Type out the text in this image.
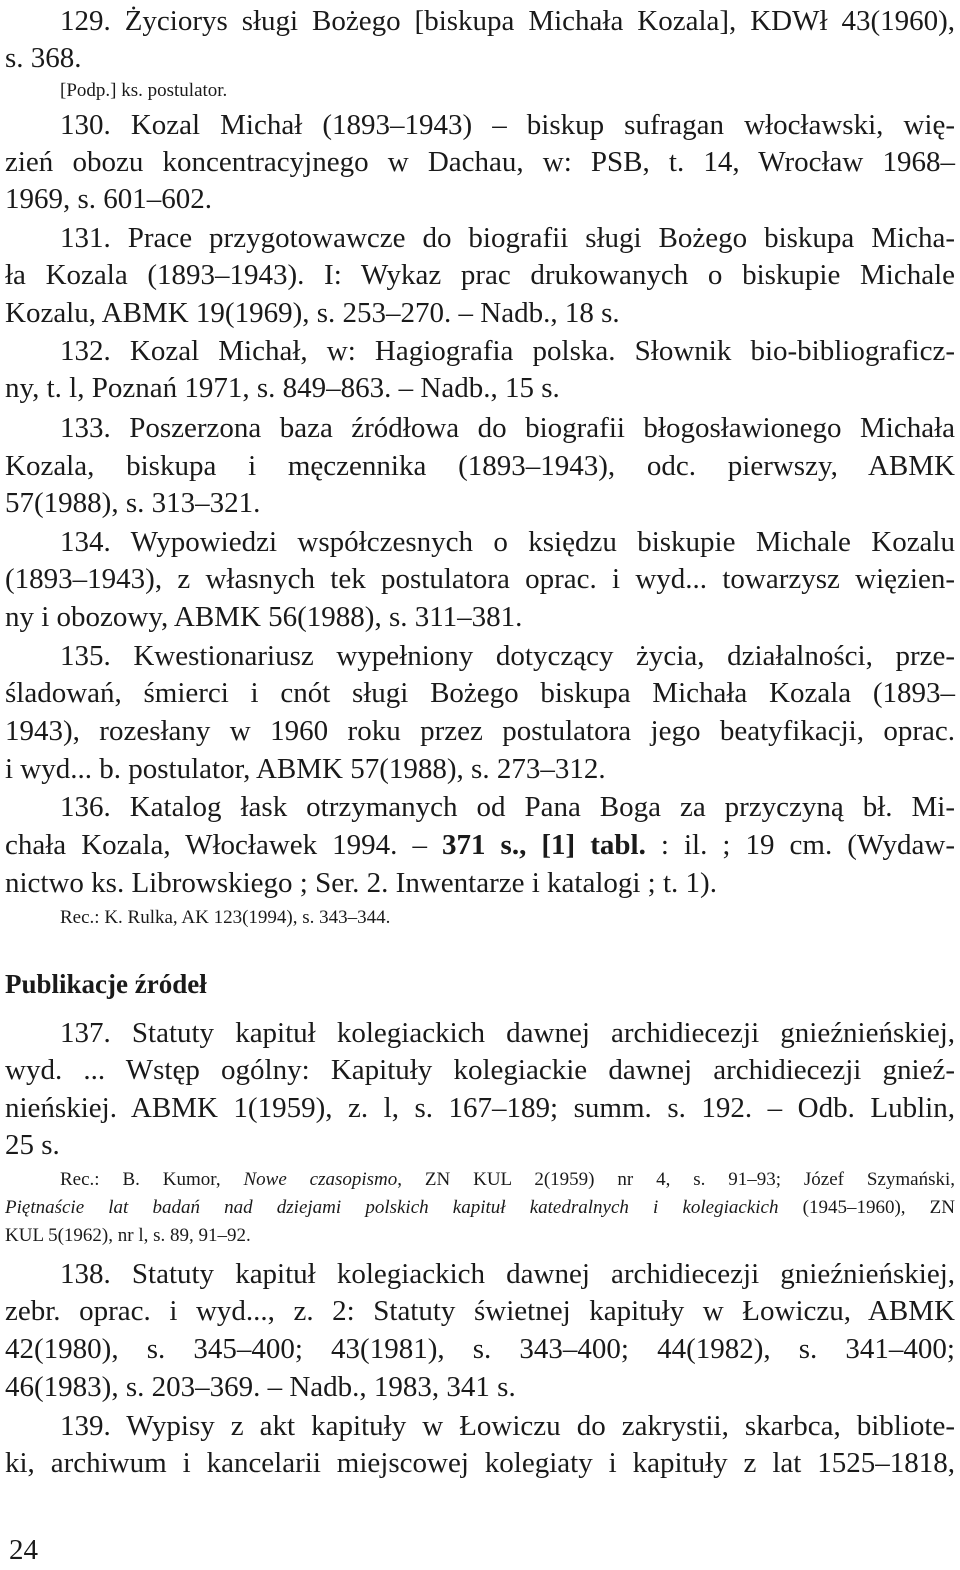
129. Życiorys sługi Bożego [biskupa Michała Kozala], KDWł 43(1960),
s. 368.
[Podp.] ks. postulator.
130. Kozal Michał (1893–1943) – biskup sufragan włocławski, wię-
zień obozu koncentracyjnego w Dachau, w: PSB, t. 14, Wrocław 1968–
1969, s. 601–602.
131. Prace przygotowawcze do biografii sługi Bożego biskupa Micha-
ła Kozala (1893–1943). I: Wykaz prac drukowanych o biskupie Michale
Kozalu, ABMK 19(1969), s. 253–270. – Nadb., 18 s.
132. Kozal Michał, w: Hagiografia polska. Słownik bio-bibliograficz-
ny, t. l, Poznań 1971, s. 849–863. – Nadb., 15 s.
133. Poszerzona baza źródłowa do biografii błogosławionego Michała
Kozala, biskupa i męczennika (1893–1943), odc. pierwszy, ABMK
57(1988), s. 313–321.
134. Wypowiedzi współczesnych o księdzu biskupie Michale Kozalu
(1893–1943), z własnych tek postulatora oprac. i wyd... towarzysz więzien-
ny i obozowy, ABMK 56(1988), s. 311–381.
135. Kwestionariusz wypełniony dotyczący życia, działalności, prze-
śladowań, śmierci i cnót sługi Bożego biskupa Michała Kozala (1893–
1943), rozesłany w 1960 roku przez postulatora jego beatyfikacji, oprac.
i wyd... b. postulator, ABMK 57(1988), s. 273–312.
136. Katalog łask otrzymanych od Pana Boga za przyczyną bł. Mi-
chała Kozala, Włocławek 1994. – 371 s., [1] tabl. : il. ; 19 cm. (Wydaw-
nictwo ks. Librowskiego ; Ser. 2. Inwentarze i katalogi ; t. 1).
Rec.: K. Rulka, AK 123(1994), s. 343–344.
Publikacje źródeł
137. Statuty kapituł kolegiackich dawnej archidiecezji gnieźnieńskiej,
wyd. ... Wstęp ogólny: Kapituły kolegiackie dawnej archidiecezji gnieź-
nieńskiej. ABMK 1(1959), z. l, s. 167–189; summ. s. 192. – Odb. Lublin,
25 s.
Rec.: B. Kumor, Nowe czasopismo, ZN KUL 2(1959) nr 4, s. 91–93; Józef Szymański,
Piętnaście lat badań nad dziejami polskich kapituł katedralnych i kolegiackich (1945–1960), ZN
KUL 5(1962), nr l, s. 89, 91–92.
138. Statuty kapituł kolegiackich dawnej archidiecezji gnieźnieńskiej,
zebr. oprac. i wyd..., z. 2: Statuty świetnej kapituły w Łowiczu, ABMK
42(1980), s. 345–400; 43(1981), s. 343–400; 44(1982), s. 341–400;
46(1983), s. 203–369. – Nadb., 1983, 341 s.
139. Wypisy z akt kapituły w Łowiczu do zakrystii, skarbca, bibliote-
ki, archiwum i kancelarii miejscowej kolegiaty i kapituły z lat 1525–1818,
24
